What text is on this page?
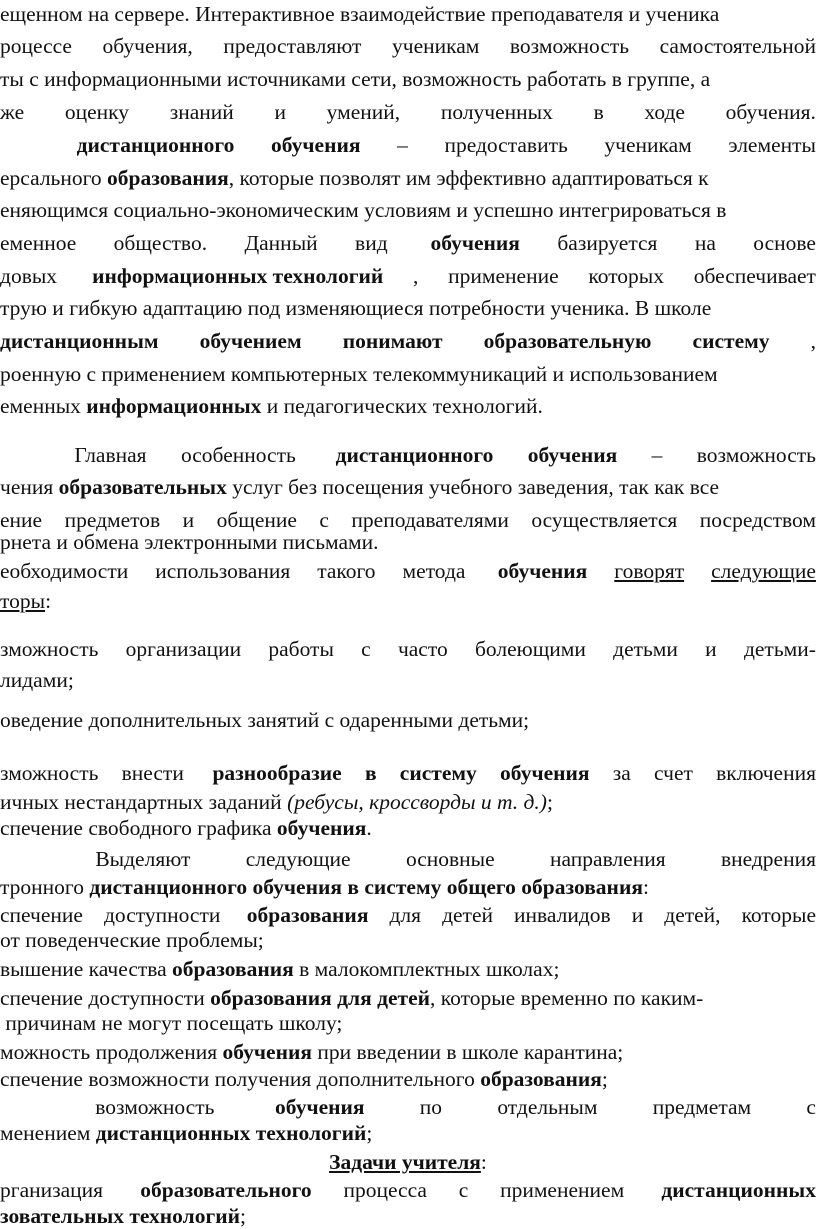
ещенном на сервере. Интерактивное взаимодействие преподавателя и ученика
роцессе обучения, предоставляют ученикам возможность самостоятельной
ты с информационными источниками сети, возможность работать в группе, а
же оценку знаний и умений, полученных в ходе обучения.

дистанционного обучения – предоставить ученикам элементы
ерсального образования , которые позволят им эффективно адаптироваться к
еняющимся социально-экономическим условиям и успешно интегрироваться в
еменное общество. Данный вид обучения базируется на основе
довых информационных технологий , применение которых обеспечивает
трую и гибкую адаптацию под изменяющиеся потребности ученика. В школе
дистанционным обучением понимают образовательную систему ,
роенную с применением компьютерных телекоммуникаций и использованием
еменных информационных и педагогических технологий.

Главная особенность дистанционного обучения – возможность
чения образовательных услуг без посещения учебного заведения, так как все
ение предметов и общение с преподавателями осуществляется посредством
рнета и обмена электронными письмами.
еобходимости использования такого метода обучения говорят следующие
торы :
зможность организации работы с часто болеющими детьми и детьми-
лидами;
оведение дополнительных занятий с одаренными детьми;
зможность внести разнообразие в систему обучения за счет включения
ичных нестандартных заданий (ребусы, кроссворды и т. д.) ;
спечение свободного графика обучения .

Выделяют	следующие	основные	направления	внедрения
тронного дистанционного обучения в систему общего образования :
спечение доступности образования для детей инвалидов и детей, которые
от поведенческие проблемы;
вышение качества образования в малокомплектных школах;
спечение доступности образования для детей , которые временно по каким-
причинам не могут посещать школу;
можность продолжения обучения при введении в школе карантина;
спечение возможности получения дополнительного образования ;

возможность	обучения	по	отдельным	предметам	с
менением дистанционных технологий ;
Задачи учителя :
рганизация образовательного процесса с применением дистанционных
зовательных технологий ;
